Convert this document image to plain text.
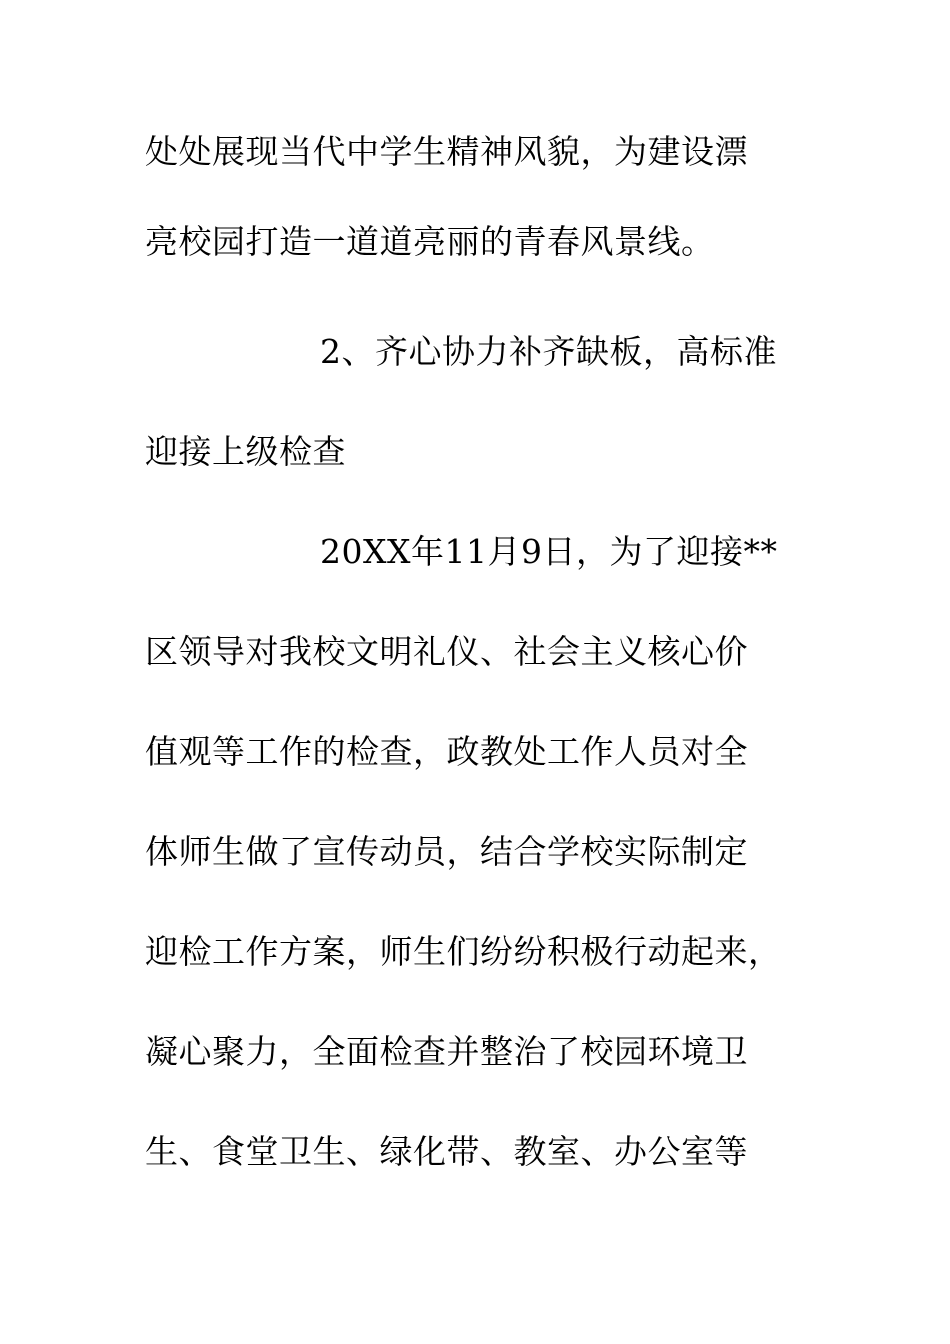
处处展现当代中学生精神风貌，为建设漂
亮校园打造一道道亮丽的青春风景线。
2、齐心协力补齐缺板，高标准
迎接上级检查
20XX年11月9日，为了迎接**
区领导对我校文明礼仪、社会主义核心价
值观等工作的检查，政教处工作人员对全
体师生做了宣传动员，结合学校实际制定
迎检工作方案，师生们纷纷积极行动起来，
凝心聚力，全面检查并整治了校园环境卫
生、食堂卫生、绿化带、教室、办公室等
